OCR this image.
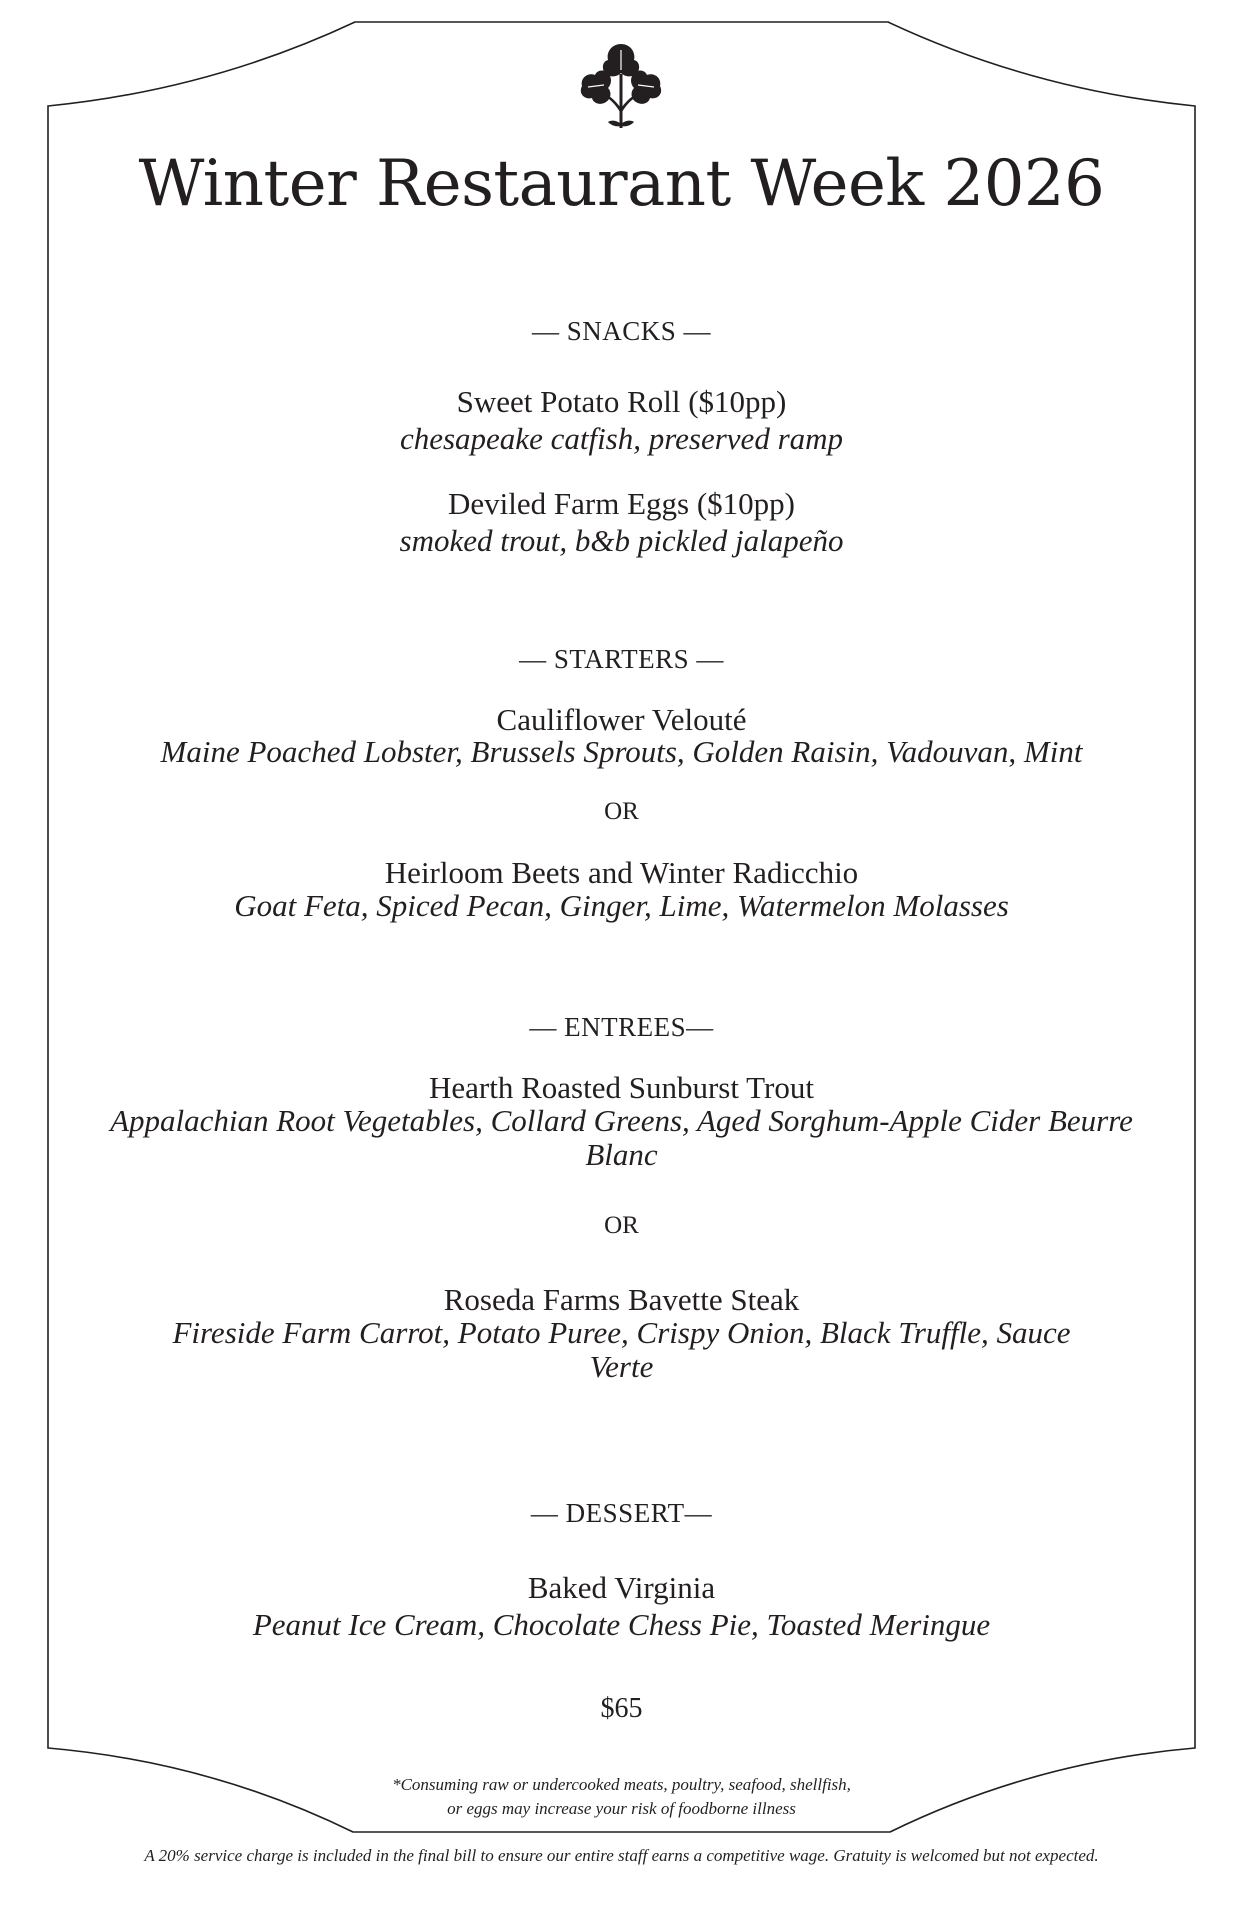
Winter Restaurant Week 2026
— SNACKS —
Sweet Potato Roll ($10pp)
chesapeake catfish, preserved ramp
Deviled Farm Eggs ($10pp)
smoked trout, b&b pickled jalapeño
— STARTERS —
Cauliflower Velouté
Maine Poached Lobster, Brussels Sprouts, Golden Raisin, Vadouvan, Mint
OR
Heirloom Beets and Winter Radicchio
Goat Feta, Spiced Pecan, Ginger, Lime, Watermelon Molasses
— ENTREES—
Hearth Roasted Sunburst Trout
Appalachian Root Vegetables, Collard Greens, Aged Sorghum-Apple Cider Beurre Blanc
OR
Roseda Farms Bavette Steak
Fireside Farm Carrot, Potato Puree, Crispy Onion, Black Truffle, Sauce Verte
— DESSERT—
Baked Virginia
Peanut Ice Cream, Chocolate Chess Pie, Toasted Meringue
$65
*Consuming raw or undercooked meats, poultry, seafood, shellfish,
or eggs may increase your risk of foodborne illness
A 20% service charge is included in the final bill to ensure our entire staff earns a competitive wage. Gratuity is welcomed but not expected.
